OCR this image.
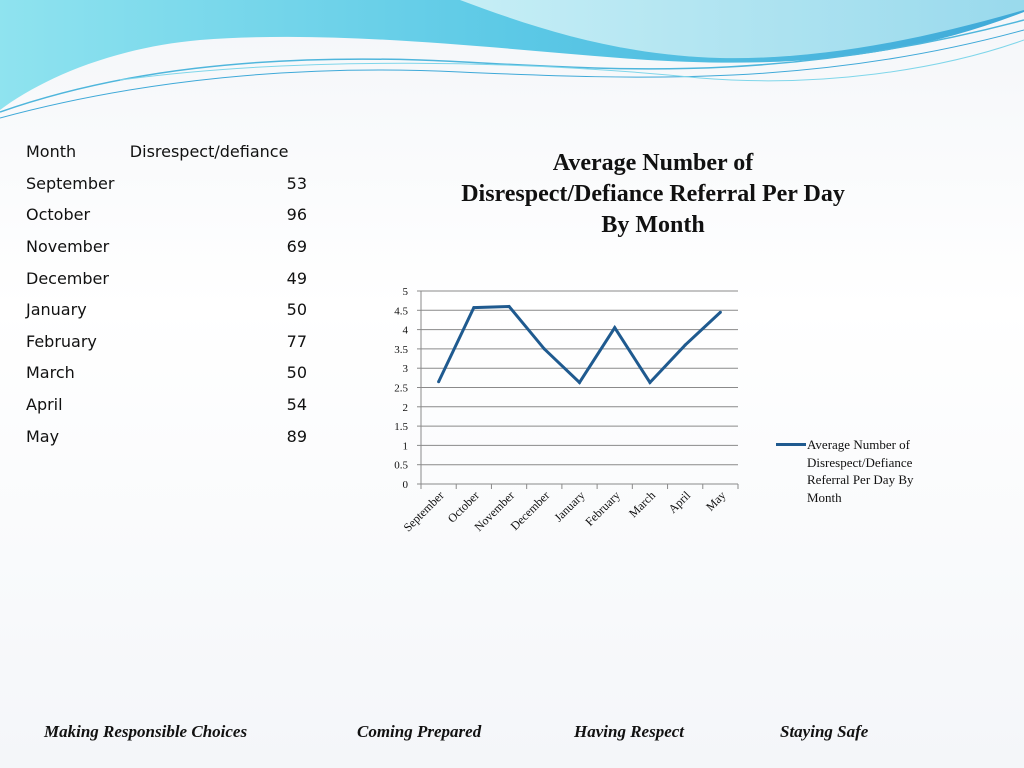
Month	Disrespect/defiance
September	53
October	96
November	69
December	49
January	50
February	77
March	50
April	54
May	89
Average Number of
Disrespect/Defiance Referral Per Day
By Month
0
0.5
1
1.5
2
2.5
3
3.5
4
4.5
5
September
October
November
December
January
February March April May
Average Number of
Disrespect/Defiance
Referral Per Day By
Month
Making Responsible Choices	Coming Prepared	Having Respect	Staying Safe
